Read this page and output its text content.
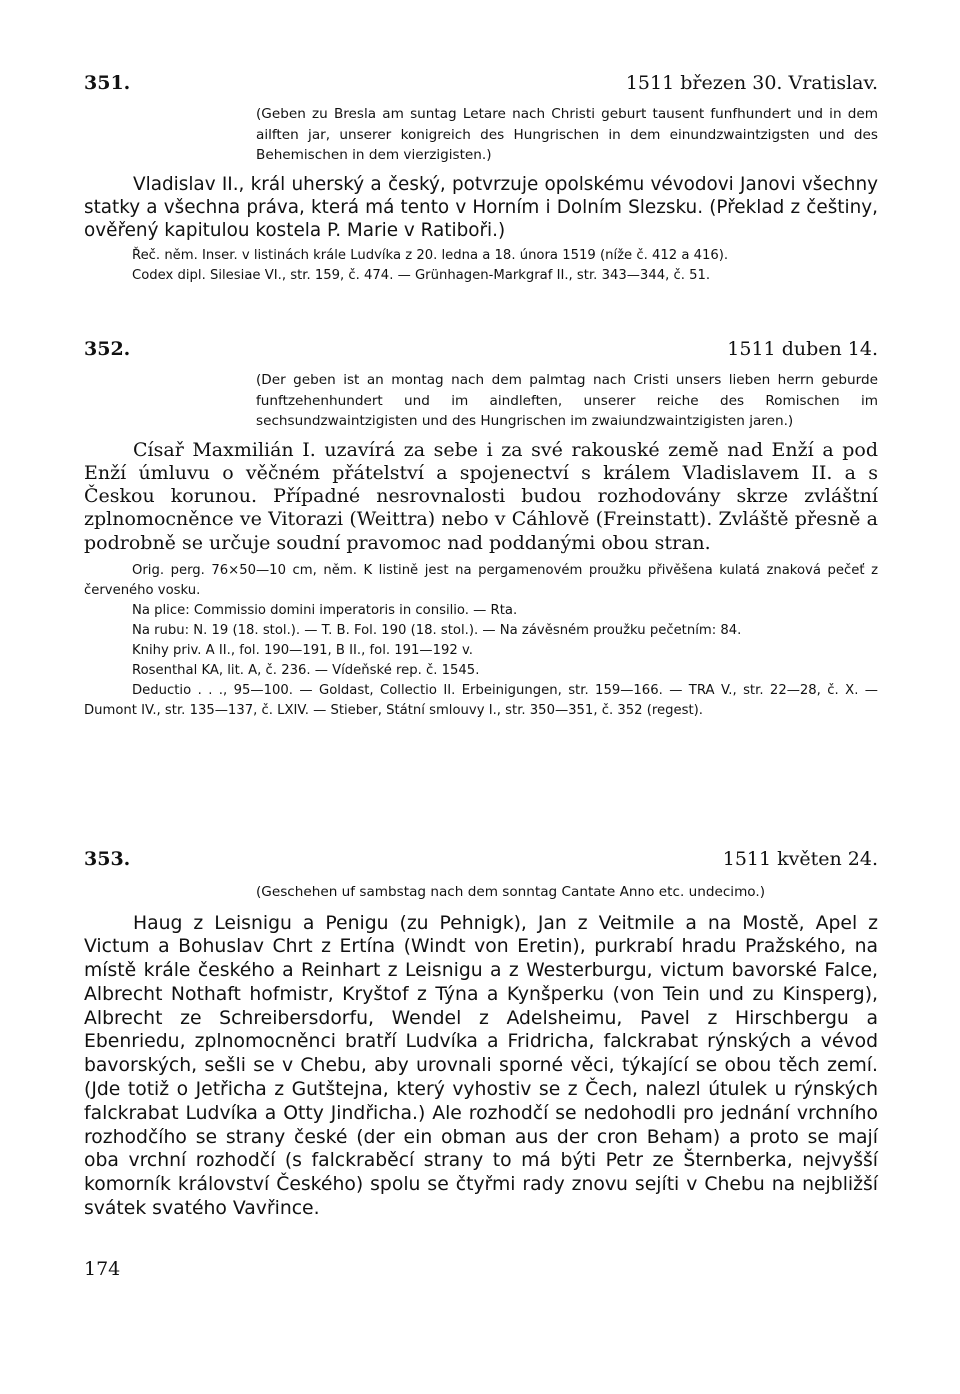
351.	1511 březen 30. Vratislav.

(Geben zu Bresla am suntag Letare nach Christi geburt tausent funfhundert und in dem ailften jar, unserer konigreich des Hungrischen in dem einundzwaintzigsten und des Behemischen in dem vierzigisten.)

Vladislav II., král uherský a český, potvrzuje opolskému vévodovi Janovi všechny statky a všechna práva, která má tento v Horním i Dolním Slezsku. (Překlad z češtiny, ověřený kapitulou kostela P. Marie v Ratiboři.)

Řeč. něm. Inser. v listinách krále Ludvíka z 20. ledna a 18. února 1519 (níže č. 412 a 416).

Codex dipl. Silesiae VI., str. 159, č. 474. — Grünhagen-Markgraf II., str. 343—344, č. 51.

352.	1511 duben 14.

(Der geben ist an montag nach dem palmtag nach Cristi unsers lieben herrn geburde funftzehenhundert und im aindleften, unserer reiche des Romischen im sechsundzwaintzigisten und des Hungrischen im zwaiundzwaintzigisten jaren.)

Císař Maxmilián I. uzavírá za sebe i za své rakouské země nad Enží a pod Enží úmluvu o věčném přátelství a spojenectví s králem Vladislavem II. a s Českou korunou. Případné nesrovnalosti budou rozhodovány skrze zvláštní zplnomocněnce ve Vitorazi (Weittra) nebo v Cáhlově (Freinstatt). Zvláště přesně a podrobně se určuje soudní pravomoc nad poddanými obou stran.

Orig. perg. 76×50—10 cm, něm. K listině jest na pergamenovém proužku přivěšena kulatá znaková pečeť z červeného vosku.

Na plice: Commissio domini imperatoris in consilio. — Rta.

Na rubu: N. 19 (18. stol.). — T. B. Fol. 190 (18. stol.). — Na závěsném proužku pečetním: 84.

Knihy priv. A II., fol. 190—191, B II., fol. 191—192 v.

Rosenthal KA, lit. A, č. 236. — Vídeňské rep. č. 1545.

Deductio . . ., 95—100. — Goldast, Collectio II. Erbeinigungen, str. 159—166. — TRA V., str. 22—28, č. X. — Dumont IV., str. 135—137, č. LXIV. — Stieber, Státní smlouvy I., str. 350—351, č. 352 (regest).

353.	1511 květen 24.

(Geschehen uf sambstag nach dem sonntag Cantate Anno etc. undecimo.)

Haug z Leisnigu a Penigu (zu Pehnigk), Jan z Veitmile a na Mostě, Apel z Victum a Bohuslav Chrt z Ertína (Windt von Eretin), purkrabí hradu Pražského, na místě krále českého a Reinhart z Leisnigu a z Westerburgu, victum bavorské Falce, Albrecht Nothaft hofmistr, Kryštof z Týna a Kynšperku (von Tein und zu Kinsperg), Albrecht ze Schreibersdorfu, Wendel z Adelsheimu, Pavel z Hirschbergu a Ebenriedu, zplnomocněnci bratří Ludvíka a Fridricha, falckrabat rýnských a vévod bavorských, sešli se v Chebu, aby urovnali sporné věci, týkající se obou těch zemí. (Jde totiž o Jetřicha z Gutštejna, který vyhostiv se z Čech, nalezl útulek u rýnských falckrabat Ludvíka a Otty Jindřicha.) Ale rozhodčí se nedohodli pro jednání vrchního rozhodčího se strany české (der ein obman aus der cron Beham) a proto se mají oba vrchní rozhodčí (s falckraběcí strany to má býti Petr ze Šternberka, nejvyšší komorník království Českého) spolu se čtyřmi rady znovu sejíti v Chebu na nejbližší svátek svatého Vavřince.

174
